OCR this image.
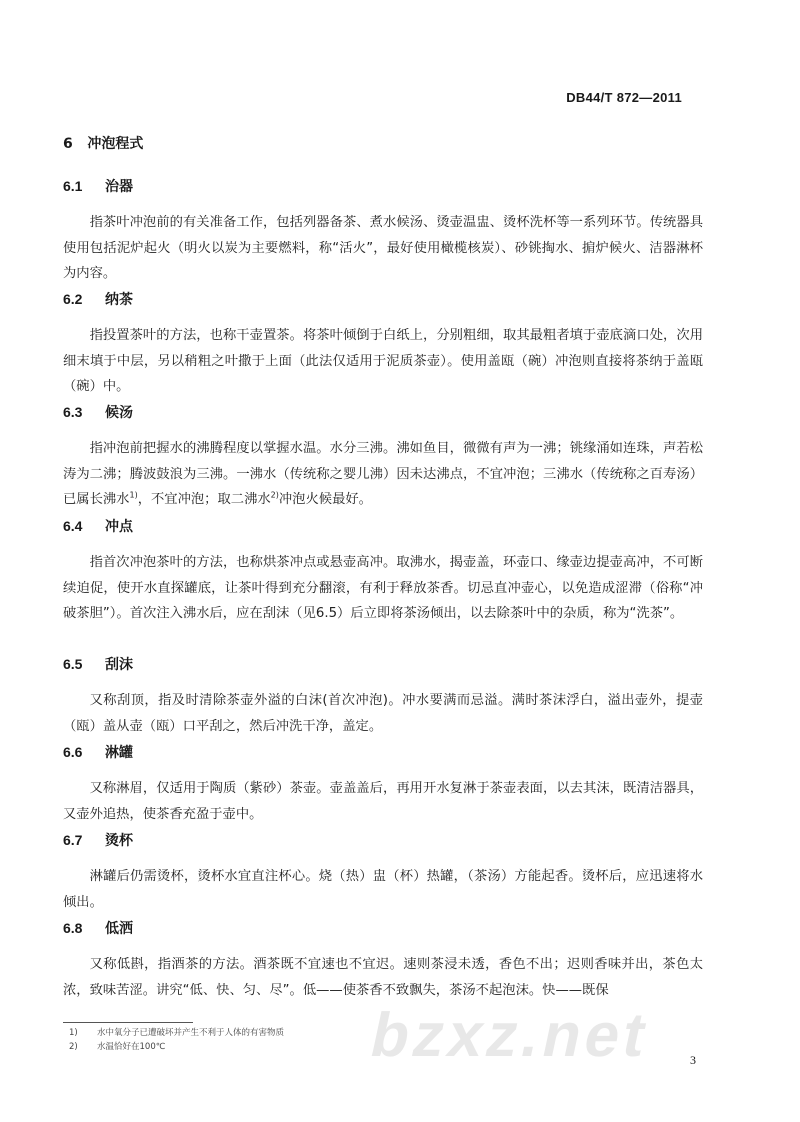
DB44/T 872—2011
6 冲泡程式
6.1 治器
指茶叶冲泡前的有关准备工作，包括列器备茶、煮水候汤、烫壶温盅、烫杯洗杯等一系列环节。传统器具使用包括泥炉起火（明火以炭为主要燃料，称“活火”，最好使用橄榄核炭）、砂铫掏水、掮炉候火、洁器淋杯为内容。
6.2 纳茶
指投置茶叶的方法，也称干壶置茶。将茶叶倾倒于白纸上，分别粗细，取其最粗者填于壶底滴口处，次用细末填于中层，另以稍粗之叶撒于上面（此法仅适用于泥质茶壶）。使用盖瓯（碗）冲泡则直接将茶纳于盖瓯（碗）中。
6.3 候汤
指冲泡前把握水的沸腾程度以掌握水温。水分三沸。沸如鱼目，微微有声为一沸；铫缘涌如连珠，声若松涛为二沸；腾波鼓浪为三沸。一沸水（传统称之婴儿沸）因未达沸点，不宜冲泡；三沸水（传统称之百寿汤）已属长沸水$^{1)}$，不宜冲泡；取二沸水$^{2)}$冲泡火候最好。
6.4 冲点
指首次冲泡茶叶的方法，也称烘茶冲点或悬壶高冲。取沸水，揭壶盖，环壶口、缘壶边提壶高冲，不可断续迫促，使开水直探罐底，让茶叶得到充分翻滚，有利于释放茶香。切忌直冲壶心，以免造成涩滞（俗称“冲破茶胆”）。首次注入沸水后，应在刮沫（见6.5）后立即将茶汤倾出，以去除茶叶中的杂质，称为“洗茶”。
6.5 刮沫
又称刮顶，指及时清除茶壶外溢的白沫(首次冲泡)。冲水要满而忌溢。满时茶沫浮白，溢出壶外，提壶（瓯）盖从壶（瓯）口平刮之，然后冲洗干净，盖定。
6.6 淋罐
又称淋眉，仅适用于陶质（紫砂）茶壶。壶盖盖后，再用开水复淋于茶壶表面，以去其沫，既清洁器具，又壶外追热，使茶香充盈于壶中。
6.7 烫杯
淋罐后仍需烫杯，烫杯水宜直注杯心。烧（热）盅（杯）热罐，（茶汤）方能起香。烫杯后，应迅速将水倾出。
6.8 低洒
又称低斟，指酒茶的方法。酒茶既不宜速也不宜迟。速则茶浸未透，香色不出；迟则香味并出，茶色太浓，致味苦涩。讲究“低、快、匀、尽”。低——使茶香不致飘失，茶汤不起泡沫。快——既保
1) 水中氧分子已遭破坏并产生不利于人体的有害物质
2) 水温恰好在100℃	bzxz.net	3
